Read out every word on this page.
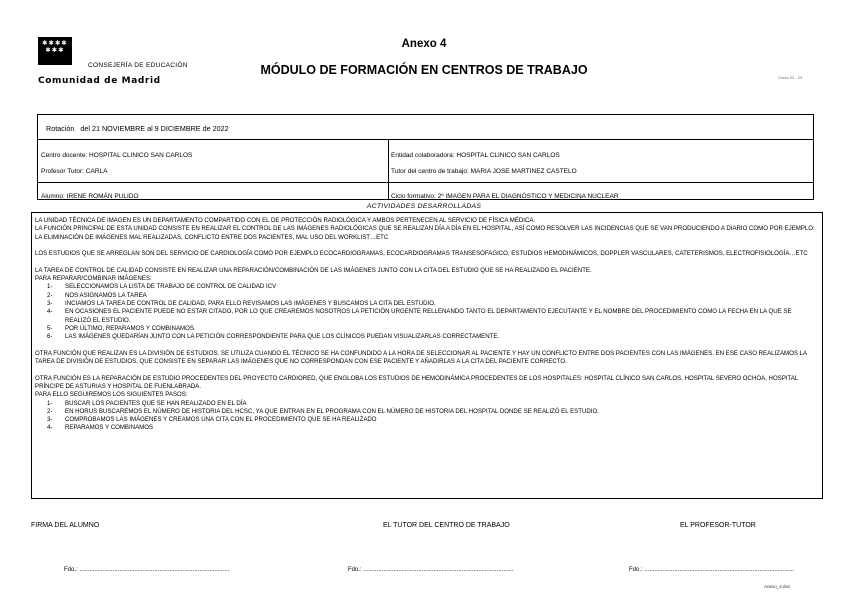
✱✱✱✱
✱✱✱
CONSEJERÍA DE EDUCACIÓN
Comunidad de Madrid
Anexo 4
MÓDULO DE FORMACIÓN EN CENTROS DE TRABAJO
Curso 22 - 23
Rotación del 21 NOVIEMBRE al 9 DICIEMBRE de 2022
Centro docente: HOSPITAL CLINICO SAN CARLOS
Profesor Tutor: CARLA
Alumno: IRENE ROMÁN PULIDO
Entidad colaboradora: HOSPITAL CLINICO SAN CARLOS
Tutor del centro de trabajo: MARIA JOSE MARTINEZ CASTELO
Ciclo formativo: 2º IMAGEN PARA EL DIAGNÓSTICO Y MEDICINA NUCLEAR
ACTIVIDADES DESARROLLADAS

LA UNIDAD TÉCNICA DE IMAGEN ES UN DEPARTAMENTO COMPARTIDO CON EL DE PROTECCIÓN RADIOLÓGICA Y AMBOS PERTENECEN AL SERVICIO DE FÍSICA MÉDICA.

LA FUNCIÓN PRINCIPAL DE ESTA UNIDAD CONSISTE EN REALIZAR EL CONTROL DE LAS IMÁGENES RADIOLÓGICAS QUE SE REALIZAN DÍA A DÍA EN EL HOSPITAL, ASÍ COMO RESOLVER LAS INCIDENCIAS QUE SE VAN PRODUCIENDO A DIARIO COMO POR EJEMPLO: LA ELIMINACIÓN DE IMÁGENES MAL REALIZADAS, CONFLICTO ENTRE DOS PACIENTES, MAL USO DEL WORKLIST…ETC

LOS ESTUDIOS QUE SE ARREGLAN SON DEL SERVICIO DE CARDIOLOGÍA COMO POR EJEMPLO ECOCARDIOGRAMAS, ECOCARDIOGRAMAS TRANSESOFAGICO, ESTUDIOS HEMODINÁMICOS, DOPPLER VASCULARES, CATETERISMOS, ELECTROFISIOLOGÍA…ETC

LA TAREA DE CONTROL DE CALIDAD CONSISTE EN REALIZAR UNA REPARACIÓN/COMBINACIÓN DE LAS IMÁGENES JUNTO CON LA CITA DEL ESTUDIO QUE SE HA REALIZADO EL PACIENTE.

PARA REPARAR/COMBINAR IMÁGENES:

1- SELECCIONAMOS LA LISTA DE TRABAJO DE CONTROL DE CALIDAD ICV
2- NOS ASIGNAMOS LA TAREA
3- INCIAMOS LA TAREA DE CONTROL DE CALIDAD, PARA ELLO REVISAMOS LAS IMÁGENES Y BUSCAMOS LA CITA DEL ESTUDIO.
4- EN OCASIONES EL PACIENTE PUEDE NO ESTAR CITADO, POR LO QUE CREAREMOS NOSOTROS LA PETICIÓN URGENTE RELLENANDO TANTO EL DEPARTAMENTO EJECUTANTE Y EL NOMBRE DEL PROCEDIMIENTO COMO LA FECHA EN LA QUE SE REALIZÓ EL ESTUDIO.
5- POR ÚLTIMO, REPARAMOS Y COMBINAMOS.
6- LAS IMÁGENES QUEDARÍAN JUNTO CON LA PETICIÓN CORRESPONDIENTE PARA QUE LOS CLÍNICOS PUEDAN VISUALIZARLAS CORRECTAMENTE.

OTRA FUNCIÓN QUE REALIZAN ES LA DIVISIÓN DE ESTUDIOS. SE UTILIZA CUANDO EL TÉCNICO SE HA CONFUNDIDO A LA HORA DE SELECCIONAR AL PACIENTE Y HAY UN CONFLICTO ENTRE DOS PACIENTES CON LAS IMÁGENES. EN ESE CASO REALIZAMOS LA TAREA DE DIVISIÓN DE ESTUDIOS, QUE CONSISTE EN SEPARAR LAS IMÁGENES QUE NO CORRESPONDAN CON ESE PACIENTE Y AÑADIRLAS A LA CITA DEL PACIENTE CORRECTO.

OTRA FUNCIÓN ES LA REPARACIÓN DE ESTUDIO PROCEDENTES DEL PROYECTO CARDIORED, QUE ENGLOBA LOS ESTUDIOS DE HEMODINÁMICA PROCEDENTES DE LOS HOSPITALES: HOSPITAL CLÍNICO SAN CARLOS, HOSPITAL SEVERO OCHOA, HOSPITAL PRÍNCIPE DE ASTURIAS Y HOSPITAL DE FUENLABRADA.

PARA ELLO SEGUIREMOS LOS SIGUIENTES PASOS:

1- BUSCAR LOS PACIENTES QUE SE HAN REALIZADO EN EL DÍA
2- EN HORUS BUSCAREMOS EL NÚMERO DE HISTORIA DEL HCSC, YA QUE ENTRAN EN EL PROGRAMA CON EL NÚMERO DE HISTORIA DEL HOSPITAL DONDE SE REALIZÓ EL ESTUDIO.
3- COMPROBAMOS LAS IMÁGENES Y CREAMOS UNA CITA CON EL PROCEDIMIENTO QUE SE HA REALIZADO
4- REPARAMOS Y COMBINAMOS
FIRMA DEL ALUMNO	EL TUTOR DEL CENTRO DE TRABAJO	EL PROFESOR-TUTOR
Fdo.: ..........................................................................................	Fdo.: ..........................................................................................	Fdo.: ..........................................................................................
Anexo_4.doc
